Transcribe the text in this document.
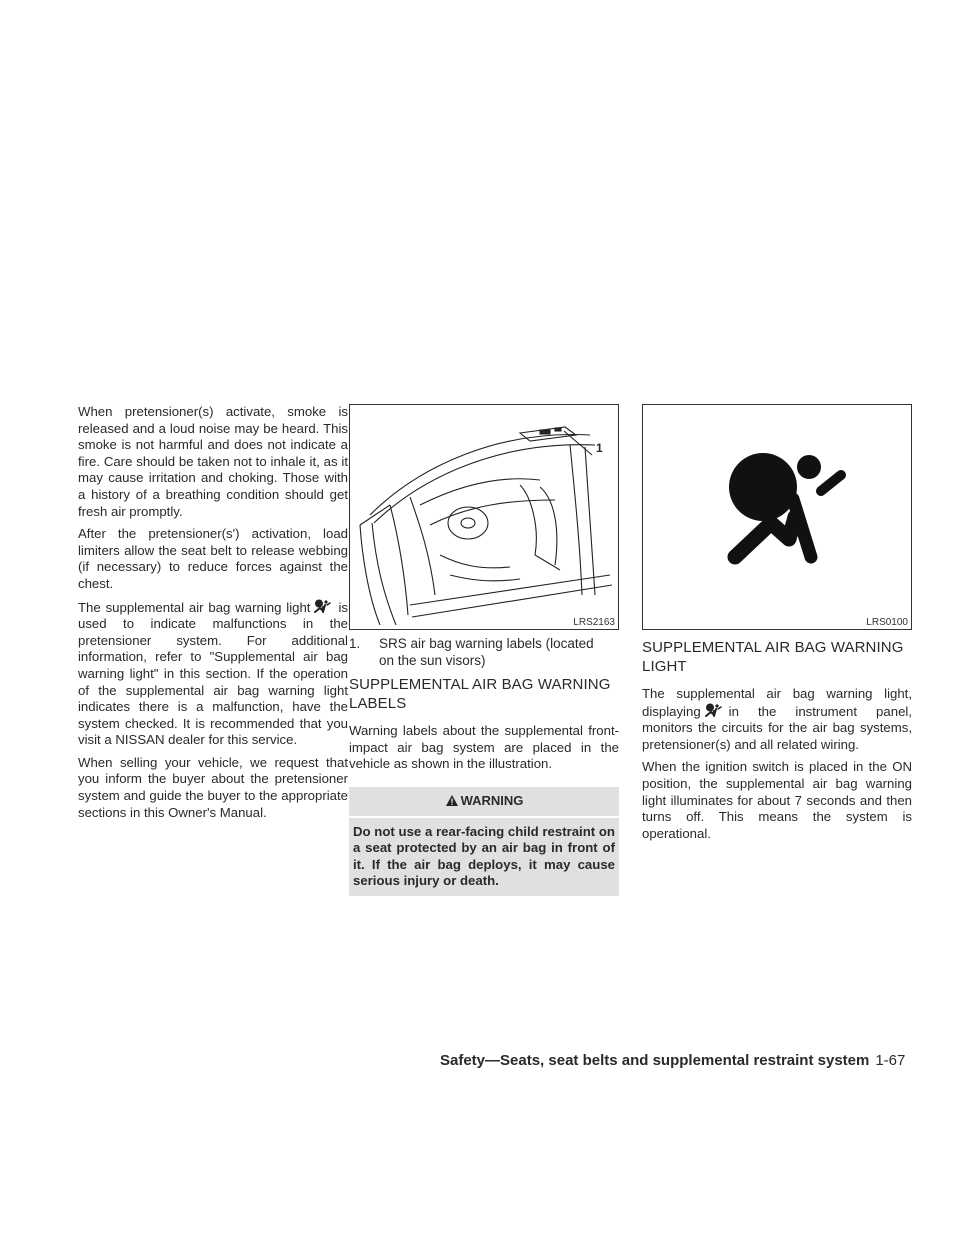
When pretensioner(s) activate, smoke is released and a loud noise may be heard. This smoke is not harmful and does not indicate a fire. Care should be taken not to inhale it, as it may cause irritation and choking. Those with a history of a breathing condition should get fresh air promptly.

After the pretensioner(s') activation, load limiters allow the seat belt to release webbing (if necessary) to reduce forces against the chest.

The supplemental air bag warning light is used to indicate malfunctions in the pretensioner system. For additional information, refer to "Supplemental air bag warning light" in this section. If the operation of the supplemental air bag warning light indicates there is a malfunction, have the system checked. It is recommended that you visit a NISSAN dealer for this service.

When selling your vehicle, we request that you inform the buyer about the pretensioner system and guide the buyer to the appropriate sections in this Owner's Manual.

1
LRS2163
1. SRS air bag warning labels (located
on the sun visors)
SUPPLEMENTAL AIR BAG WARNING LABELS

Warning labels about the supplemental front-impact air bag system are placed in the vehicle as shown in the illustration.

WARNING
Do not use a rear-facing child restraint on a seat protected by an air bag in front of it. If the air bag deploys, it may cause serious injury or death.
LRS0100
SUPPLEMENTAL AIR BAG WARNING LIGHT

The supplemental air bag warning light, displaying in the instrument panel, monitors the circuits for the air bag systems, pretensioner(s) and all related wiring.

When the ignition switch is placed in the ON position, the supplemental air bag warning light illuminates for about 7 seconds and then turns off. This means the system is operational.

Safety—Seats, seat belts and supplemental restraint system 1-67
